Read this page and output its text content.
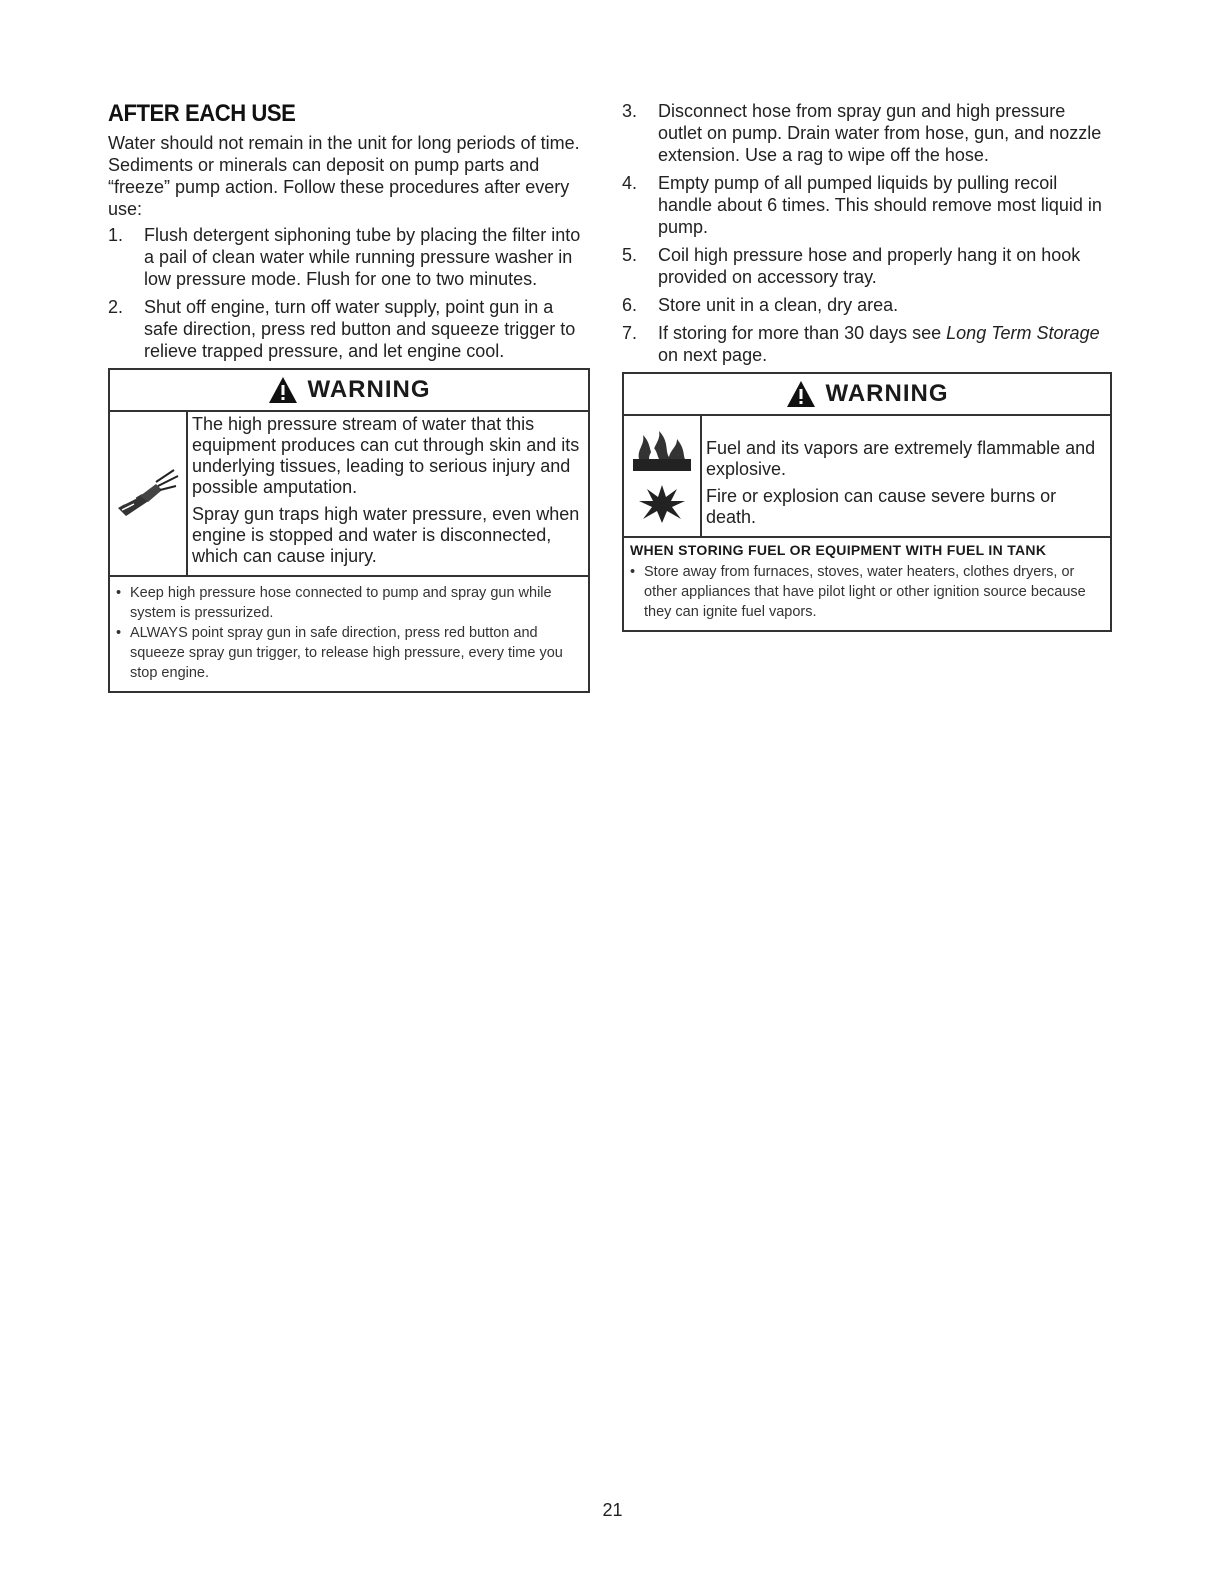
AFTER EACH USE

Water should not remain in the unit for long periods of time. Sediments or minerals can deposit on pump parts and “freeze” pump action. Follow these procedures after every use:

1.	Flush detergent siphoning tube by placing the filter into a pail of clean water while running pressure washer in low pressure mode. Flush for one to two minutes.
2.	Shut off engine, turn off water supply, point gun in a safe direction, press red button and squeeze trigger to relieve trapped pressure, and let engine cool.
WARNING

The high pressure stream of water that this equipment produces can cut through skin and its underlying tissues, leading to serious injury and possible amputation.

Spray gun traps high water pressure, even when engine is stopped and water is disconnected, which can cause injury.

• Keep high pressure hose connected to pump and spray gun while system is pressurized.
• ALWAYS point spray gun in safe direction, press red button and squeeze spray gun trigger, to release high pressure, every time you stop engine.
3.	Disconnect hose from spray gun and high pressure outlet on pump. Drain water from hose, gun, and nozzle extension. Use a rag to wipe off the hose.
4.	Empty pump of all pumped liquids by pulling recoil handle about 6 times. This should remove most liquid in pump.
5.	Coil high pressure hose and properly hang it on hook provided on accessory tray.
6.	Store unit in a clean, dry area.
7.	If storing for more than 30 days see Long Term Storage on next page.
WARNING

Fuel and its vapors are extremely flammable and explosive.

Fire or explosion can cause severe burns or death.

WHEN STORING FUEL OR EQUIPMENT WITH FUEL IN TANK
• Store away from furnaces, stoves, water heaters, clothes dryers, or other appliances that have pilot light or other ignition source because they can ignite fuel vapors.
21
